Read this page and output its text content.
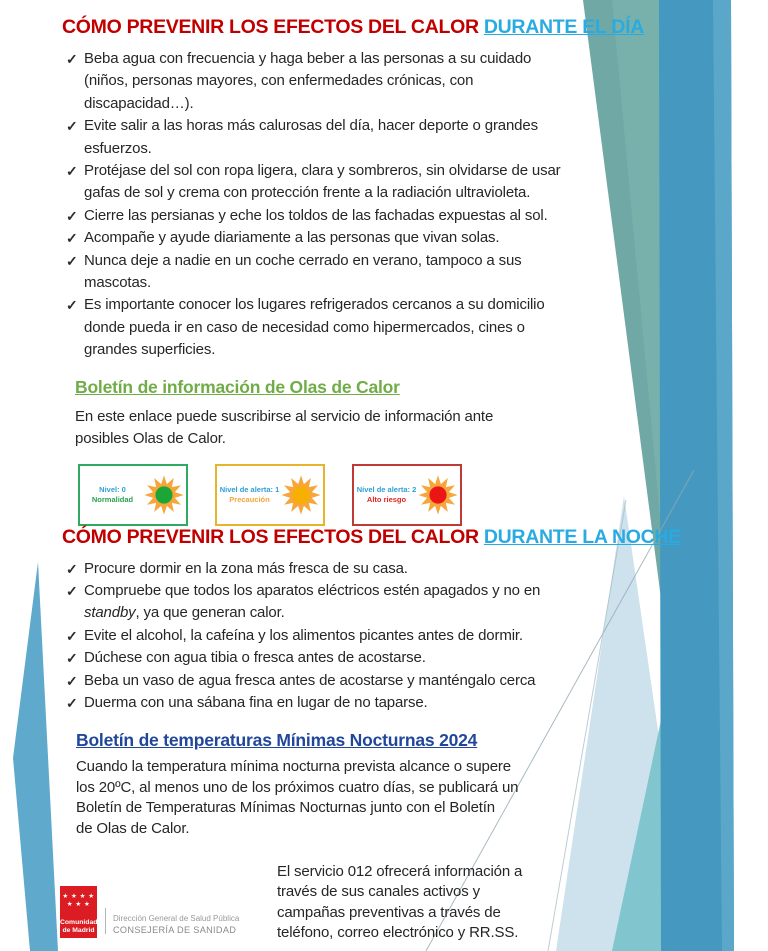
CÓMO PREVENIR LOS EFECTOS DEL CALOR DURANTE EL DÍA
✓ Beba agua con frecuencia y haga beber a las personas a su cuidado
(niños, personas mayores, con enfermedades crónicas, con
discapacidad…).
✓ Evite salir a las horas más calurosas del día, hacer deporte o grandes
esfuerzos.
✓ Protéjase del sol con ropa ligera, clara y sombreros, sin olvidarse de usar
gafas de sol y crema con protección frente a la radiación ultravioleta.
✓ Cierre las persianas y eche los toldos de las fachadas expuestas al sol.
✓ Acompañe y ayude diariamente a las personas que vivan solas.
✓ Nunca deje a nadie en un coche cerrado en verano, tampoco a sus
mascotas.
✓ Es importante conocer los lugares refrigerados cercanos a su domicilio
donde pueda ir en caso de necesidad como hipermercados, cines o
grandes superficies.
Boletín de información de Olas de Calor
En este enlace puede suscribirse al servicio de información ante
posibles Olas de Calor.
Nivel: 0
Normalidad
Nivel de alerta: 1
Precaución
Nivel de alerta: 2
Alto riesgo
CÓMO PREVENIR LOS EFECTOS DEL CALOR DURANTE LA NOCHE
✓ Procure dormir en la zona más fresca de su casa.
✓ Compruebe que todos los aparatos eléctricos estén apagados y no en
standby, ya que generan calor.
✓ Evite el alcohol, la cafeína y los alimentos picantes antes de dormir.
✓ Dúchese con agua tibia o fresca antes de acostarse.
✓ Beba un vaso de agua fresca antes de acostarse y manténgalo cerca
✓ Duerma con una sábana fina en lugar de no taparse.
Boletín de temperaturas Mínimas Nocturnas 2024
Cuando la temperatura mínima nocturna prevista alcance o supere
los 20ºC, al menos uno de los próximos cuatro días, se publicará un
Boletín de Temperaturas Mínimas Nocturnas junto con el Boletín
de Olas de Calor.
El servicio 012 ofrecerá información a
través de sus canales activos y
campañas preventivas a través de
teléfono, correo electrónico y RR.SS.
★ ★ ★ ★
★ ★ ★
Comunidad
de Madrid
Dirección General de Salud Pública
CONSEJERÍA DE SANIDAD
